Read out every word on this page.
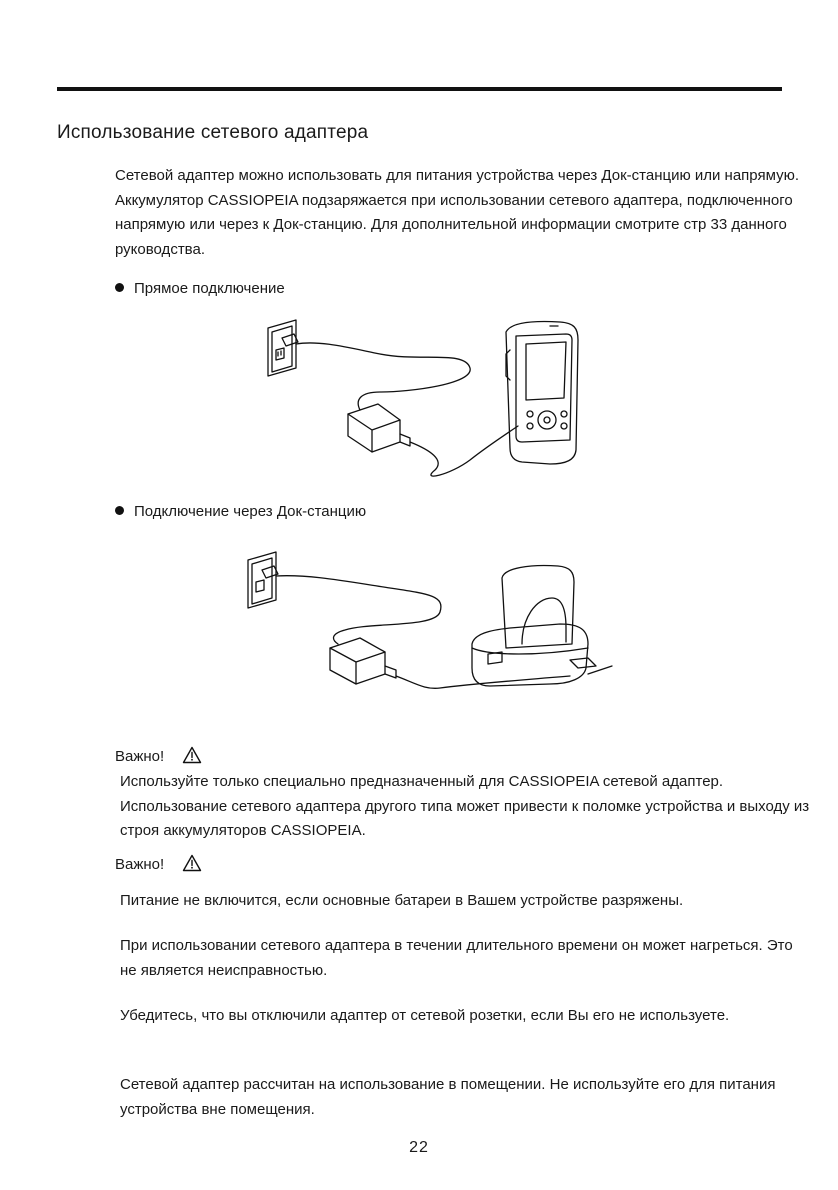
Использование сетевого адаптера

Сетевой адаптер можно использовать для питания устройства через Док-станцию или напрямую. Аккумулятор CASSIOPEIA подзаряжается при использовании сетевого адаптера, подключенного напрямую или через к Док-станцию. Для дополнительной информации смотрите стр 33 данного руководства.

Прямое подключение
Подключение через Док-станцию
Важно!

Используйте только специально предназначенный для CASSIOPEIA сетевой адаптер. Использование сетевого адаптера другого типа может привести к поломке устройства и выходу из строя аккумуляторов CASSIOPEIA.

Важно!

Питание не включится, если основные батареи в Вашем устройстве разряжены.

При использовании сетевого адаптера в течении длительного времени он может нагреться. Это не является неисправностью.

Убедитесь, что вы отключили адаптер от сетевой розетки, если Вы его не используете.

Сетевой адаптер рассчитан на использование в помещении. Не используйте его для питания устройства вне помещения.

22
